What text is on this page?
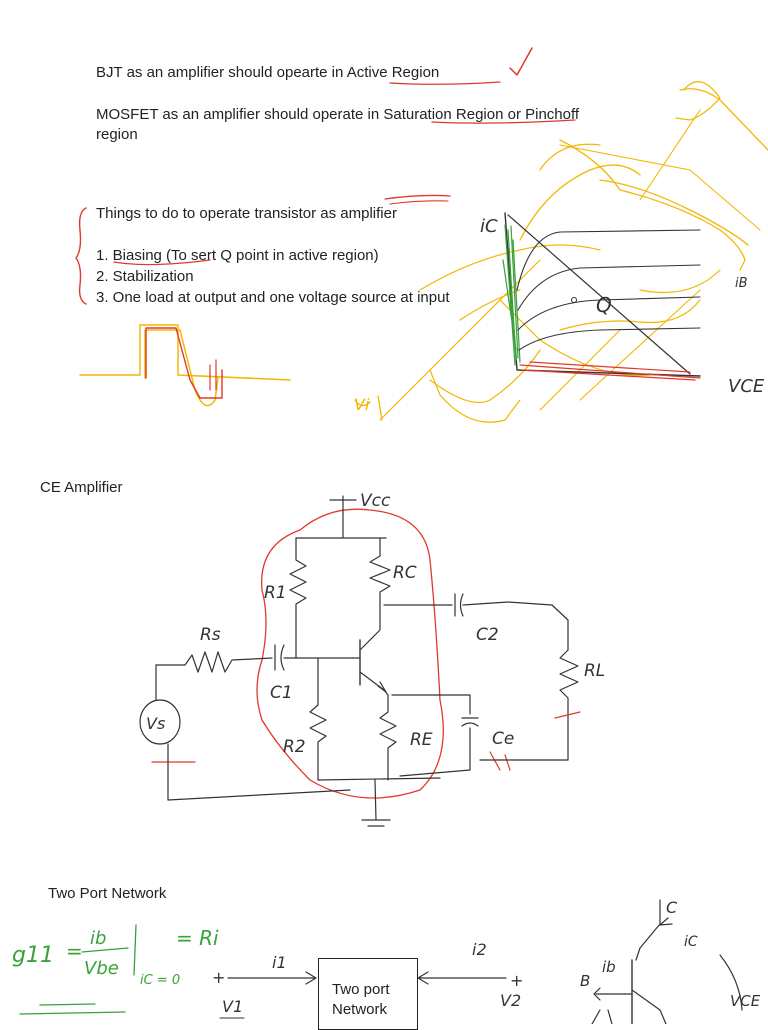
BJT as an amplifier should opearte in Active Region
MOSFET as an amplifier should operate in Saturation Region or Pinchoff
region
Things to do to operate transistor as amplifier
1. Biasing (To sert Q point in active region)
2. Stabilization
3. One load at output and one voltage source at input
CE Amplifier
Two Port Network
Two port
Network
Vi
Q
iC
VCE
iB
Vcc
R1
RC
C2
RL
Rs
C1
Vs
R2	RE	Ce
g11 =
ib
Vbe
iC = 0
= Ri
+
i1
V1
i2
+
V2
C
iC
B
ib
VCE
